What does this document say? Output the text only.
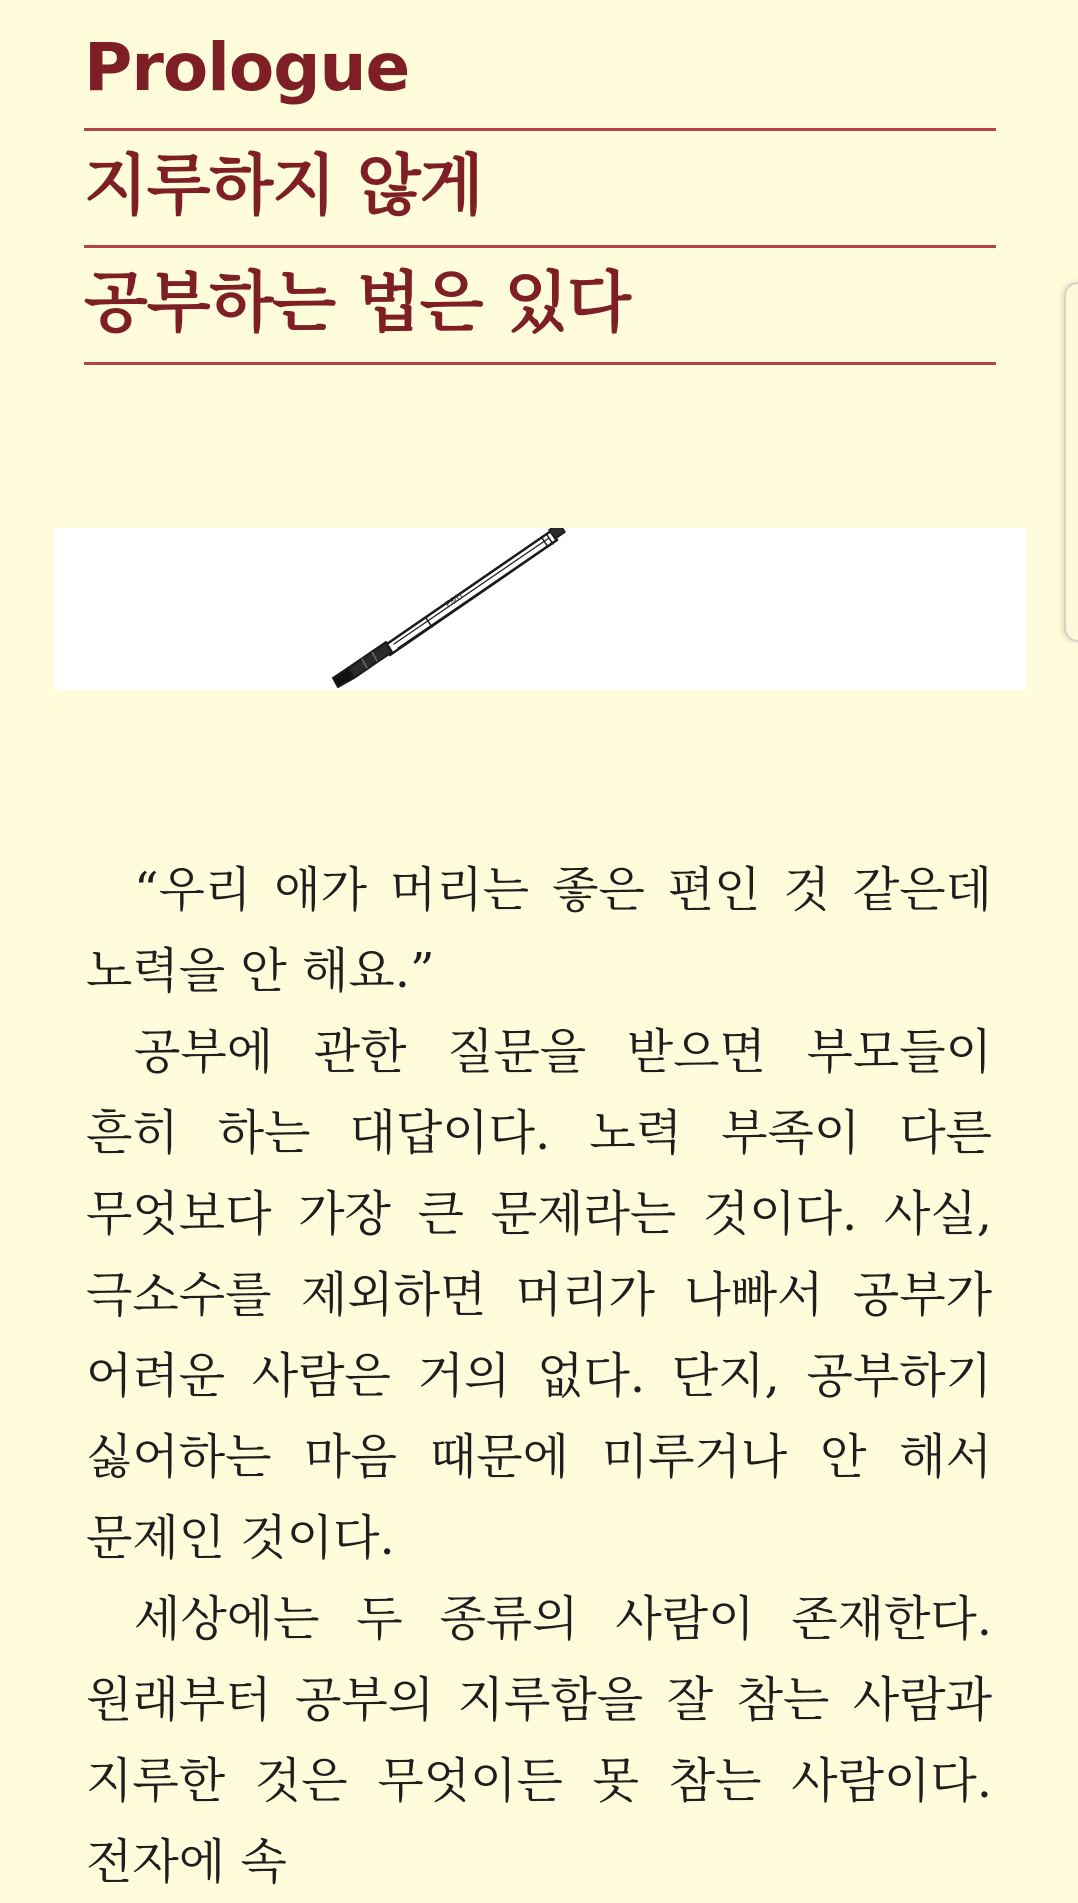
Prologue
지루하지 않게
공부하는 법은 있다
F&U

“우리 애가 머리는 좋은 편인 것 같은데 노력을 안 해요.”

공부에 관한 질문을 받으면 부모들이 흔히 하는 대답이다. 노력 부족이 다른 무엇보다 가장 큰 문제라는 것이다. 사실, 극소수를 제외하면 머리가 나빠서 공부가 어려운 사람은 거의 없다. 단지, 공부하기 싫어하는 마음 때문에 미루거나 안 해서 문제인 것이다.

세상에는 두 종류의 사람이 존재한다. 원래부터 공부의 지루함을 잘 참는 사람과 지루한 것은 무엇이든 못 참는 사람이다. 전자에 속
